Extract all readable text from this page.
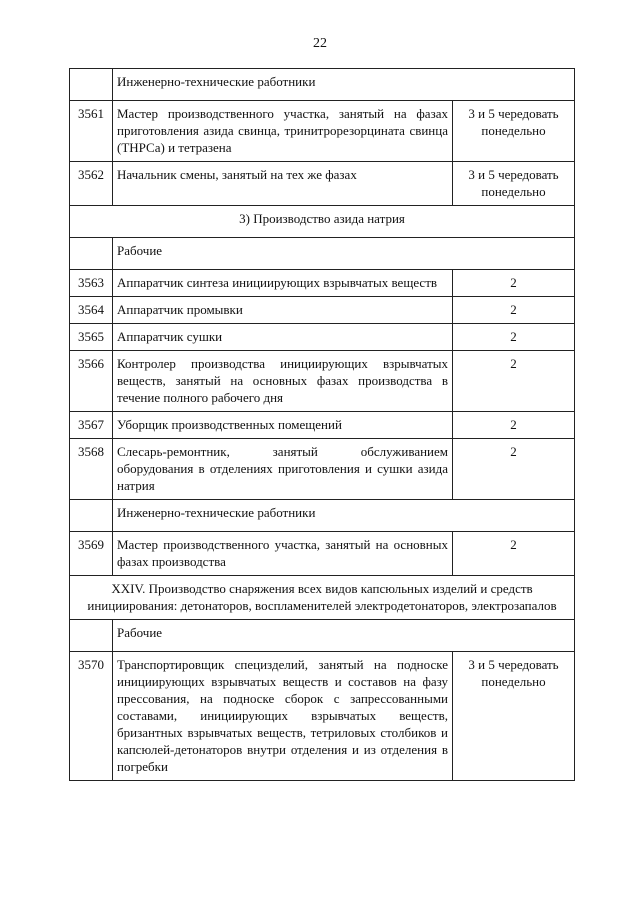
22
	Инженерно-технические работники	
3561	Мастер производственного участка, занятый на фазах приготовления азида свинца, тринитрорезорцината свинца (ТНРСа) и тетразена	3 и 5 чередовать понедельно
3562	Начальник смены, занятый на тех же фазах	3 и 5 чередовать понедельно
3) Производство азида натрия		
	Рабочие	
3563	Аппаратчик синтеза инициирующих взрывчатых веществ	2
3564	Аппаратчик промывки	2
3565	Аппаратчик сушки	2
3566	Контролер производства инициирующих взрывчатых веществ, занятый на основных фазах производства в течение полного рабочего дня	2
3567	Уборщик производственных помещений	2
3568	Слесарь-ремонтник, занятый обслуживанием оборудования в отделениях приготовления и сушки азида натрия	2
	Инженерно-технические работники	
3569	Мастер производственного участка, занятый на основных фазах производства	2
XXIV. Производство снаряжения всех видов капсюльных изделий и средств инициирования: детонаторов, воспламенителей электродетонаторов, электрозапалов		
	Рабочие	
3570	Транспортировщик специзделий, занятый на подноске инициирующих взрывчатых веществ и составов на фазу прессования, на подноске сборок с запрессованными составами, инициирующих взрывчатых веществ, бризантных взрывчатых веществ, тетриловых столбиков и капсюлей-детонаторов внутри отделения и из отделения в погребки	3 и 5 чередовать понедельно
